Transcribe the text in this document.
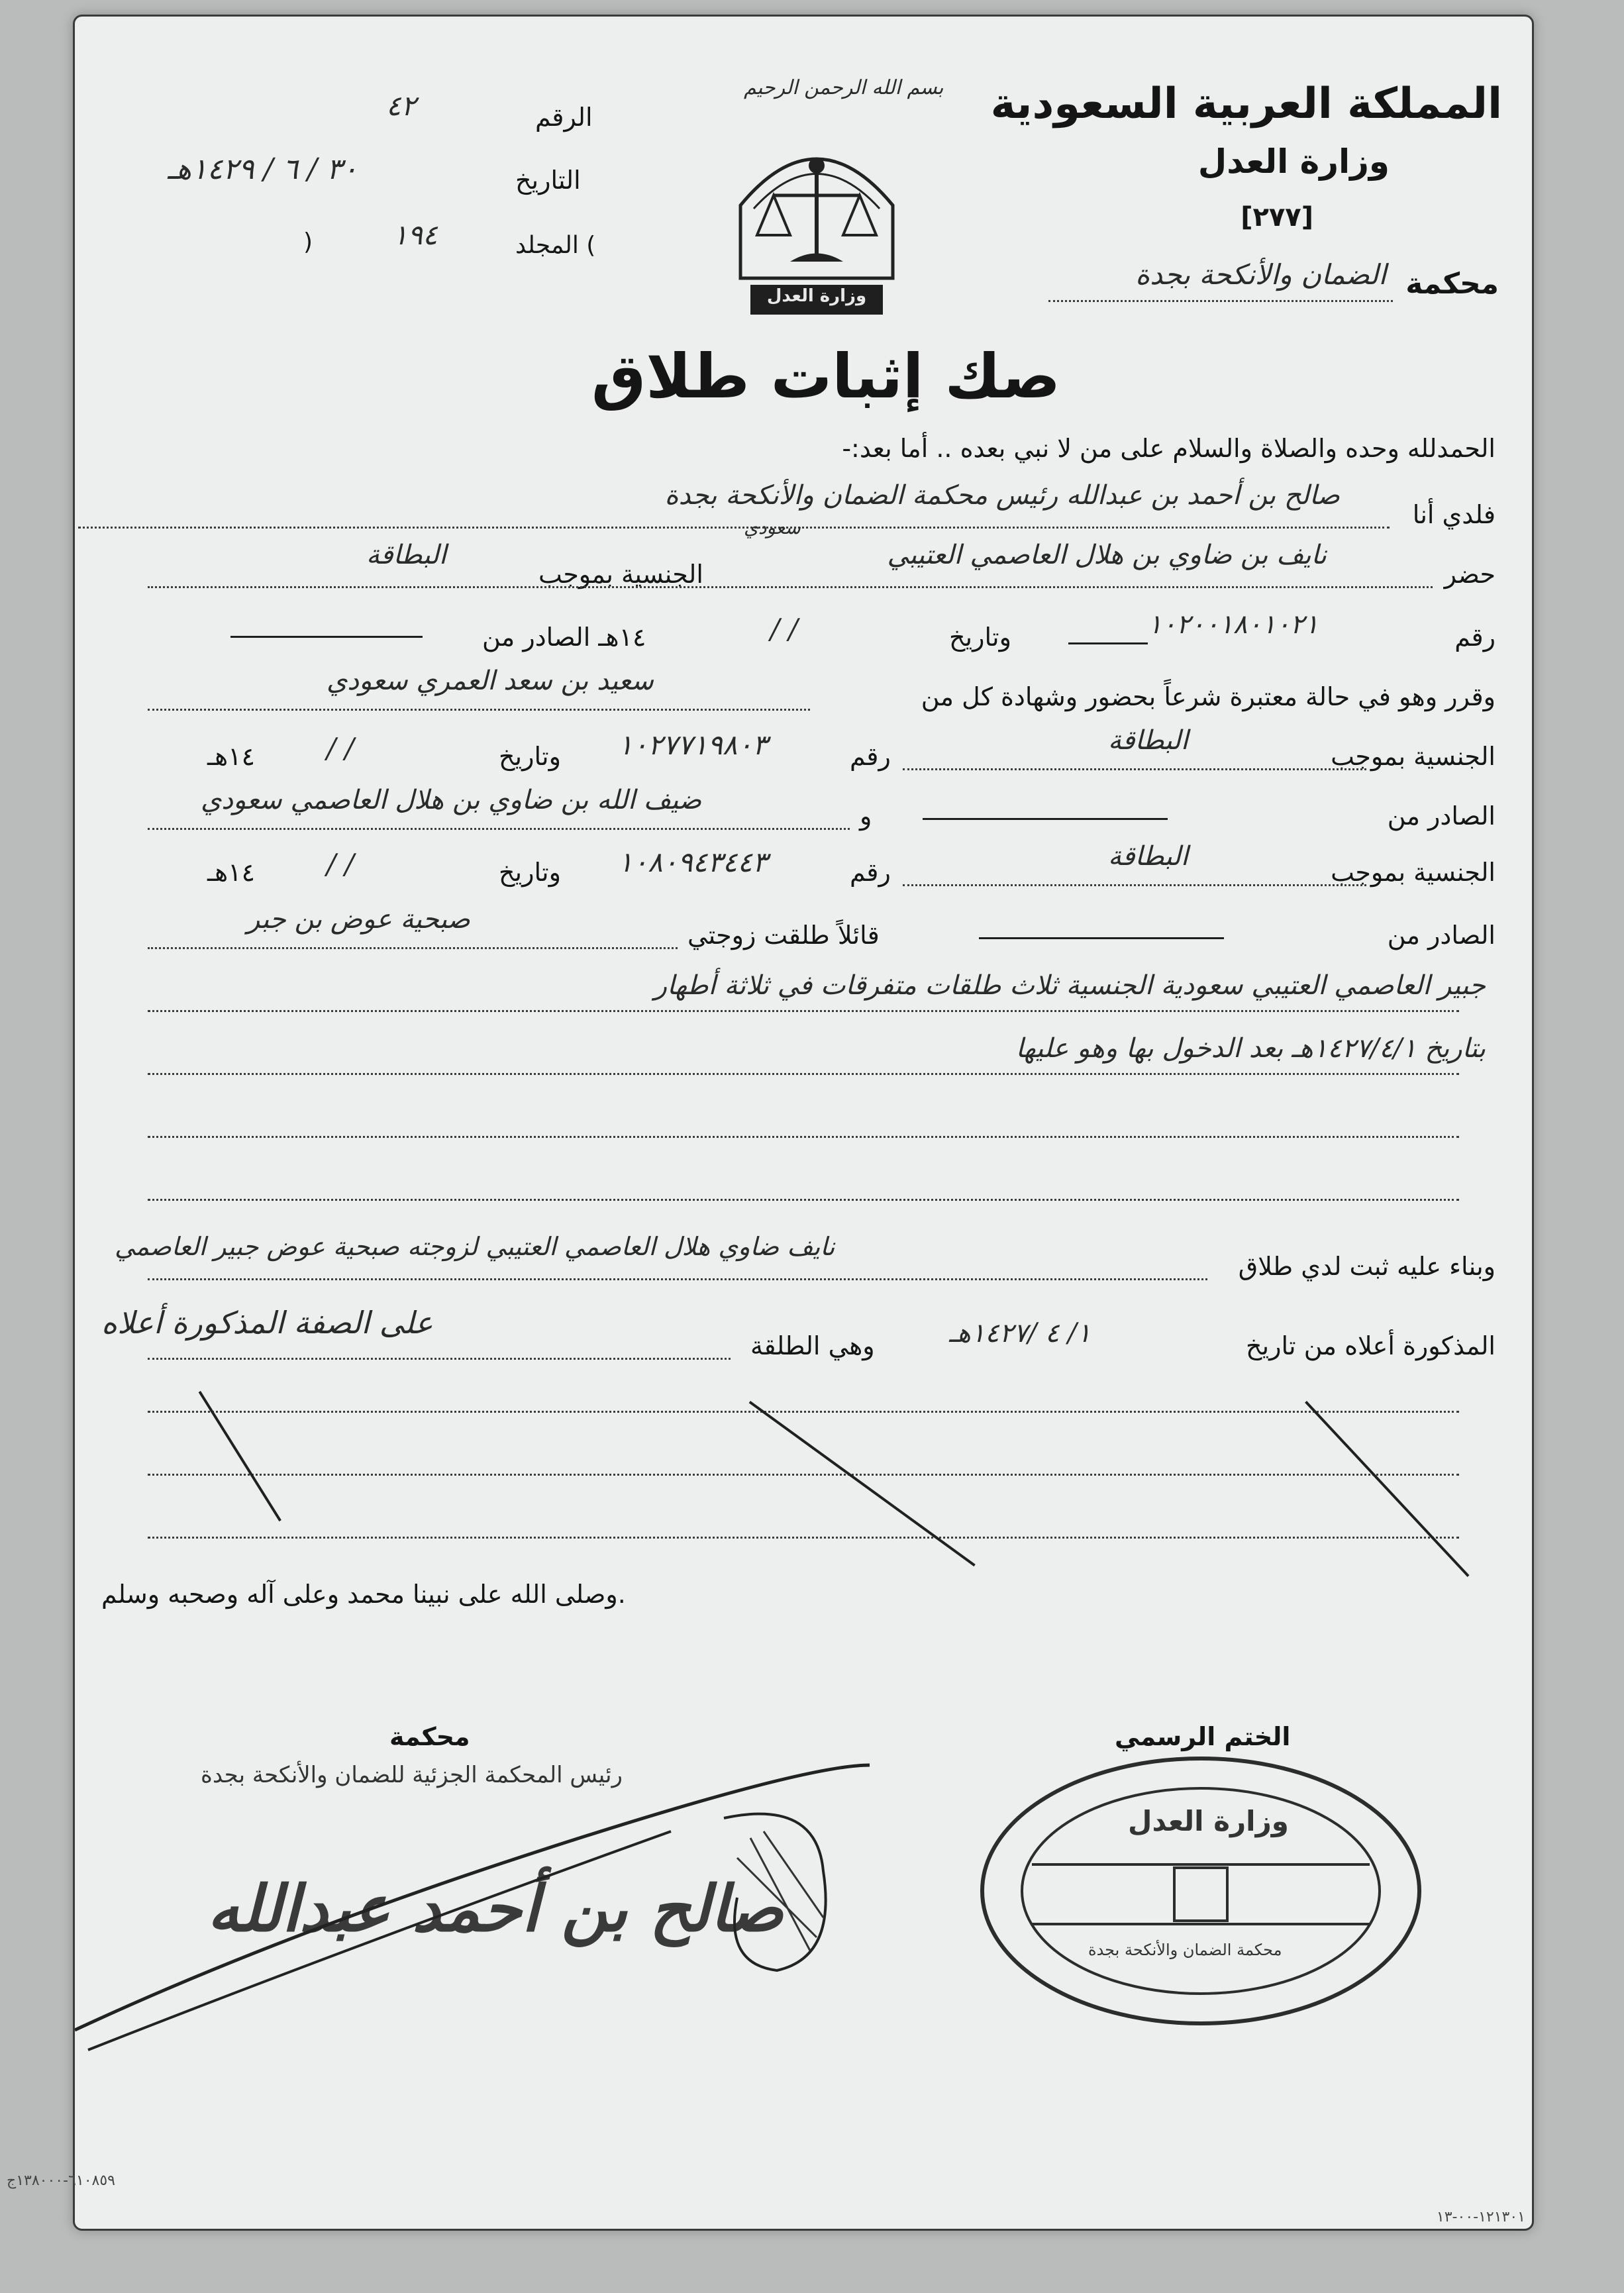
المملكة العربية السعودية
وزارة العدل
[٢٧٧]
محكمة
الضمان والأنكحة بجدة
بسم الله الرحمن الرحيم
وزارة العدل
الرقم
٤٢
التاريخ
٣٠ / ٦ / ١٤٢٩هـ
المجلد (
١٩٤
)
صك إثبات طلاق
الحمدلله وحده والصلاة والسلام على من لا نبي بعده .. أما بعد:-
فلدي أنا
صالح بن أحمد بن عبدالله رئيس محكمة الضمان والأنكحة بجدة
حضر
نايف بن ضاوي بن هلال العاصمي العتيبي
سعودي
الجنسية بموجب
البطاقة
رقم
١٠٢٠٠١٨٠١٠٢١
وتاريخ
/ /
١٤هـ الصادر من
وقرر وهو في حالة معتبرة شرعاً بحضور وشهادة كل من
سعيد بن سعد العمري سعودي
الجنسية بموجب
البطاقة
رقم
١٠٢٧٧١٩٨٠٣
وتاريخ
/ /
١٤هـ
الصادر من
و
ضيف الله بن ضاوي بن هلال العاصمي سعودي
الجنسية بموجب
البطاقة
رقم
١٠٨٠٩٤٣٤٤٣
وتاريخ
/ /
١٤هـ
الصادر من
قائلاً طلقت زوجتي
صبحية عوض بن جبر
جبير العاصمي العتيبي سعودية الجنسية ثلاث طلقات متفرقات في ثلاثة أطهار
بتاريخ ١٤٢٧/٤/١هـ بعد الدخول بها وهو عليها
وبناء عليه ثبت لدي طلاق
نايف ضاوي هلال العاصمي العتيبي لزوجته صبحية عوض جبير العاصمي
المذكورة أعلاه من تاريخ
١/ ٤ /١٤٢٧هـ
وهي الطلقة
على الصفة المذكورة أعلاه
وصلى الله على نبينا محمد وعلى آله وصحبه وسلم.
الختم الرسمي
وزارة العدل
محكمة الضمان والأنكحة بجدة
محكمة
رئيس المحكمة الجزئية للضمان والأنكحة بجدة
صالح بن أحمد عبدالله
١٢١٣٠١-٠٠-١٣
٦١٠٨٥٩-١٣٨٠٠٠ج
